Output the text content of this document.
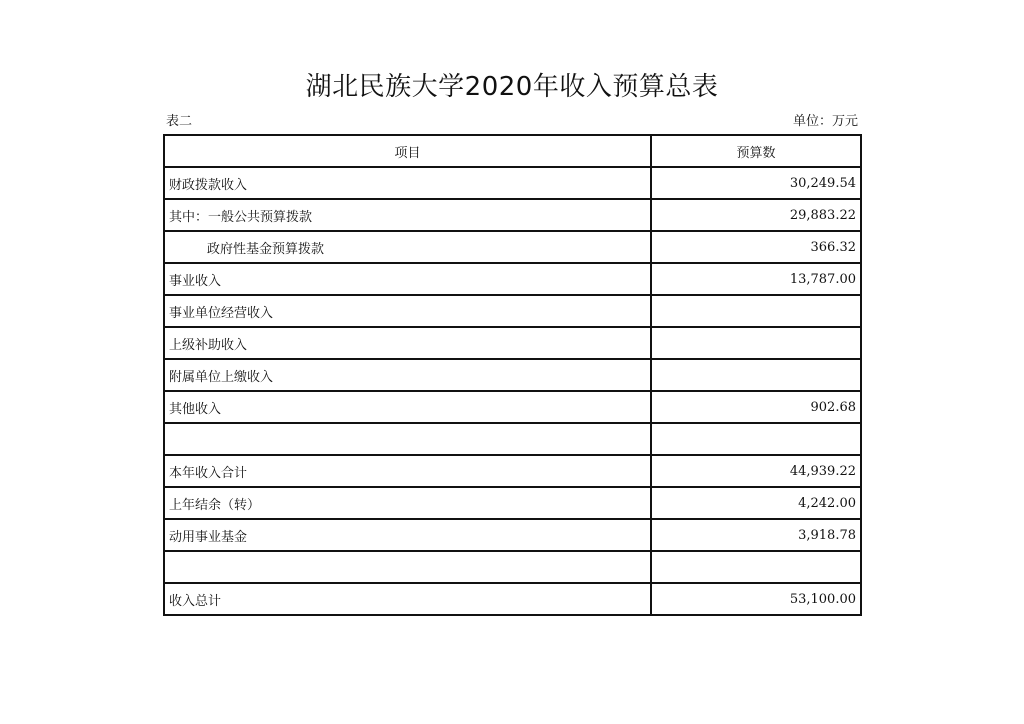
湖北民族大学2020年收入预算总表
表二	单位：万元
项目	预算数
财政拨款收入	30,249.54
其中：一般公共预算拨款	29,883.22
政府性基金预算拨款	366.32
事业收入	13,787.00
事业单位经营收入	
上级补助收入	
附属单位上缴收入	
其他收入	902.68

本年收入合计	44,939.22
上年结余（转）	4,242.00
动用事业基金	3,918.78

收入总计	53,100.00
